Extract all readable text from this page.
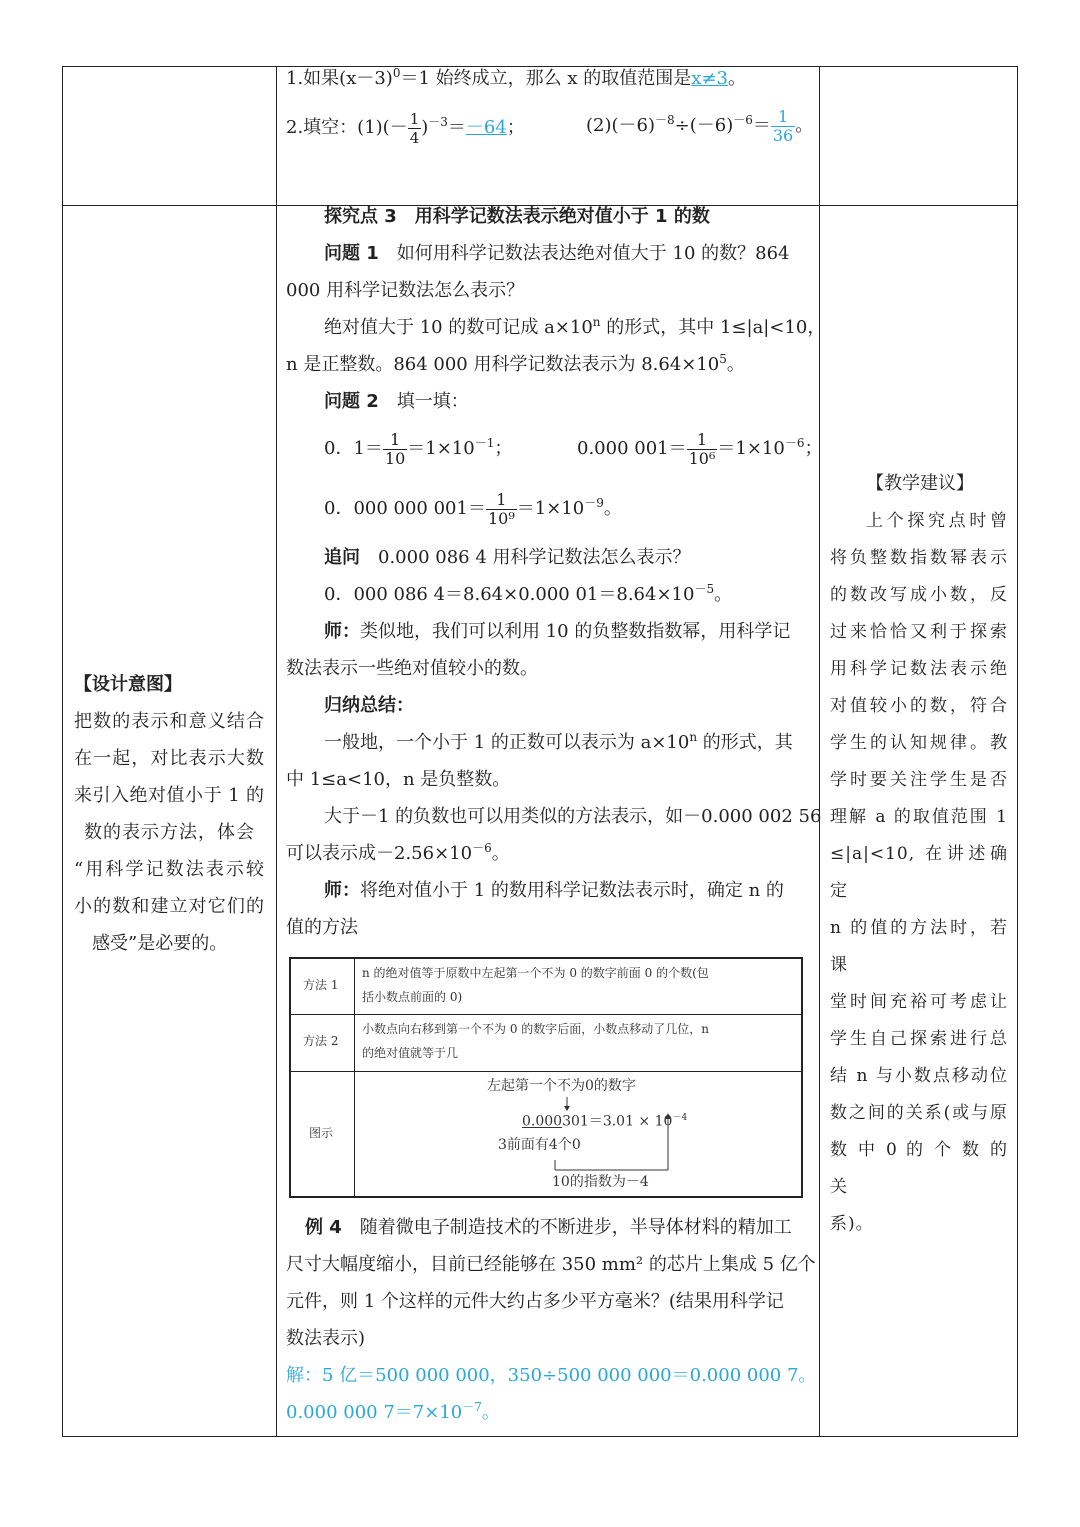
1.如果$(x-3)^0=1$ 始终成立，那么 x 的取值范围是x≠3。
2.填空：$(1)(- \frac{1}{4} )^{-3}=-64$；	$(2)(-6)^{-8}\div(-6)^{-6}= \frac{1}{36}$ 。
【设计意图】
把数的表示和意义结合
在一起，对比表示大数
来引入绝对值小于 1 的
数的表示方法，体会
“用科学记数法表示较
小的数和建立对它们的
感受”是必要的。
【教学建议】
上个探究点时曾
将负整数指数幂表示
的数改写成小数，反
过来恰恰又利于探索
用科学记数法表示绝
对值较小的数，符合
学生的认知规律。教
学时要关注学生是否
理解 a 的取值范围 1
≤|a|<10, 在讲述确定
n 的值的方法时，若课
堂时间充裕可考虑让
学生自己探索进行总
结 n 与小数点移动位
数之间的关系(或与原
数 中 0 的 个 数 的 关
系)。
探究点 3　用科学记数法表示绝对值小于 1 的数
问题 1　 如何用科学记数法表达绝对值大于 10 的数？864
000 用科学记数法怎么表示？
绝对值大于 10 的数可记成 $a\times 10^n$ 的形式，其中 1≤|a|<10，
n 是正整数。864 000 用科学记数法表示为 $8.64\times 10^5$。
问题 2　 填一填：
0．$1= \frac{1}{10} =1\times 10^{-1}$；	0.000 $001= \frac{1}{\text{10⁶}} =1\times 10^{-6}$；
0．000 000 $001= \frac{1}{\text{10⁹}} =1\times 10^{-9}$。
追问　 0.000 086 4 用科学记数法怎么表示？
0．000 086 4＝8.64×0.000 $01=8.64\times 10^{-5}$。
师：类似地，我们可以利用 10 的负整数指数幂，用科学记
数法表示一些绝对值较小的数。
归纳总结：
一般地，一个小于 1 的正数可以表示为 $a\times 10^n$ 的形式，其
中 1≤a<10，n 是负整数。
大于－1 的负数也可以用类似的方法表示，如－0.000 002 56
可以表示成$-2.56\times 10^{-6}$。
师：将绝对值小于 1 的数用科学记数法表示时，确定 n 的
值的方法
方法 1
n 的绝对值等于原数中左起第一个不为 0 的数字前面 0 的个数(包
括小数点前面的 0)
方法 2
小数点向右移到第一个不为 0 的数字后面，小数点移动了几位，n
的绝对值就等于几
图示
左起第一个不为0的数字
$0.000301=3.01 \times 10^{-4}$
3前面有4个0
10的指数为－4
例 4　 随着微电子制造技术的不断进步，半导体材料的精加工
尺寸大幅度缩小，目前已经能够在 350 mm² 的芯片上集成 5 亿个
元件，则 1 个这样的元件大约占多少平方毫米？(结果用科学记
数法表示)
解：5 亿＝500 000 000，350÷500 000 000＝0.000 000 7。
0.000 000 $7=7\times 10^{-7}$。
